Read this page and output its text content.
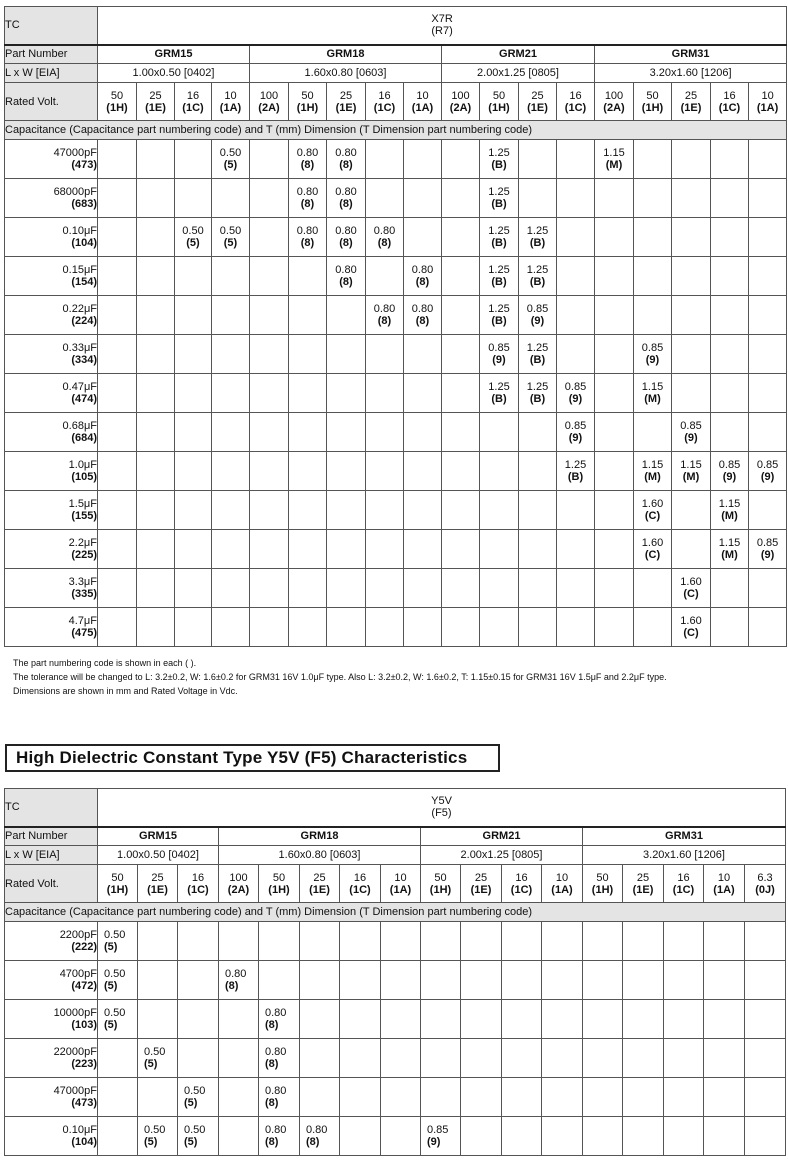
TC	X7R
(R7)																	

Part Number	GRM15				GRM18					GRM21				GRM31				
L x W [EIA]	1.00x0.50 [0402]				1.60x0.80 [0603]					2.00x1.25 [0805]				3.20x1.60 [1206]				
Rated Volt.	50
(1H)	25
(1E)	16
(1C)	10
(1A)	100
(2A)	50
(1H)	25
(1E)	16
(1C)	10
(1A)	100
(2A)	50
(1H)	25
(1E)	16
(1C)	100
(2A)	50
(1H)	25
(1E)	16
(1C)	10
(1A)

Capacitance (Capacitance part numbering code) and T (mm) Dimension (T Dimension part numbering code)																		

47000pF
(473)				0.50
(5)		0.80
(8)	0.80
(8)				1.25
(B)			1.15
(M)				

68000pF
(683)						0.80
(8)	0.80
(8)				1.25
(B)							

0.10μF
(104)			0.50
(5)	0.50
(5)		0.80
(8)	0.80
(8)	0.80
(8)			1.25
(B)	1.25
(B)						

0.15μF
(154)							0.80
(8)		0.80
(8)		1.25
(B)	1.25
(B)						

0.22μF
(224)								0.80
(8)	0.80
(8)		1.25
(B)	0.85
(9)						

0.33μF
(334)											0.85
(9)	1.25
(B)			0.85
(9)			

0.47μF
(474)											1.25
(B)	1.25
(B)	0.85
(9)		1.15
(M)			

0.68μF
(684)													0.85
(9)			0.85
(9)		

1.0μF
(105)													1.25
(B)		1.15
(M)	1.15
(M)	0.85
(9)	0.85
(9)

1.5μF
(155)															1.60
(C)		1.15
(M)	

2.2μF
(225)															1.60
(C)		1.15
(M)	0.85
(9)

3.3μF
(335)																1.60
(C)		

4.7μF
(475)																1.60
(C)		

The part numbering code is shown in each ( ).
The tolerance will be changed to L: 3.2±0.2, W: 1.6±0.2 for GRM31 16V 1.0μF type. Also L: 3.2±0.2, W: 1.6±0.2, T: 1.15±0.15 for GRM31 16V 1.5μF and 2.2μF type.
Dimensions are shown in mm and Rated Voltage in Vdc.
High Dielectric Constant Type Y5V (F5) Characteristics
TC	Y5V
(F5)																

Part Number	GRM15			GRM18					GRM21				GRM31				
L x W [EIA]	1.00x0.50 [0402]			1.60x0.80 [0603]					2.00x1.25 [0805]				3.20x1.60 [1206]				
Rated Volt.	50
(1H)	25
(1E)	16
(1C)	100
(2A)	50
(1H)	25
(1E)	16
(1C)	10
(1A)	50
(1H)	25
(1E)	16
(1C)	10
(1A)	50
(1H)	25
(1E)	16
(1C)	10
(1A)	6.3
(0J)

Capacitance (Capacitance part numbering code) and T (mm) Dimension (T Dimension part numbering code)																	

2200pF
(222)	0.50
(5)																

4700pF
(472)	0.50
(5)			0.80
(8)													

10000pF
(103)	0.50
(5)				0.80
(8)												

22000pF
(223)		0.50
(5)			0.80
(8)												

47000pF
(473)			0.50
(5)		0.80
(8)												

0.10μF
(104)		0.50
(5)	0.50
(5)		0.80
(8)	0.80
(8)			0.85
(9)								
